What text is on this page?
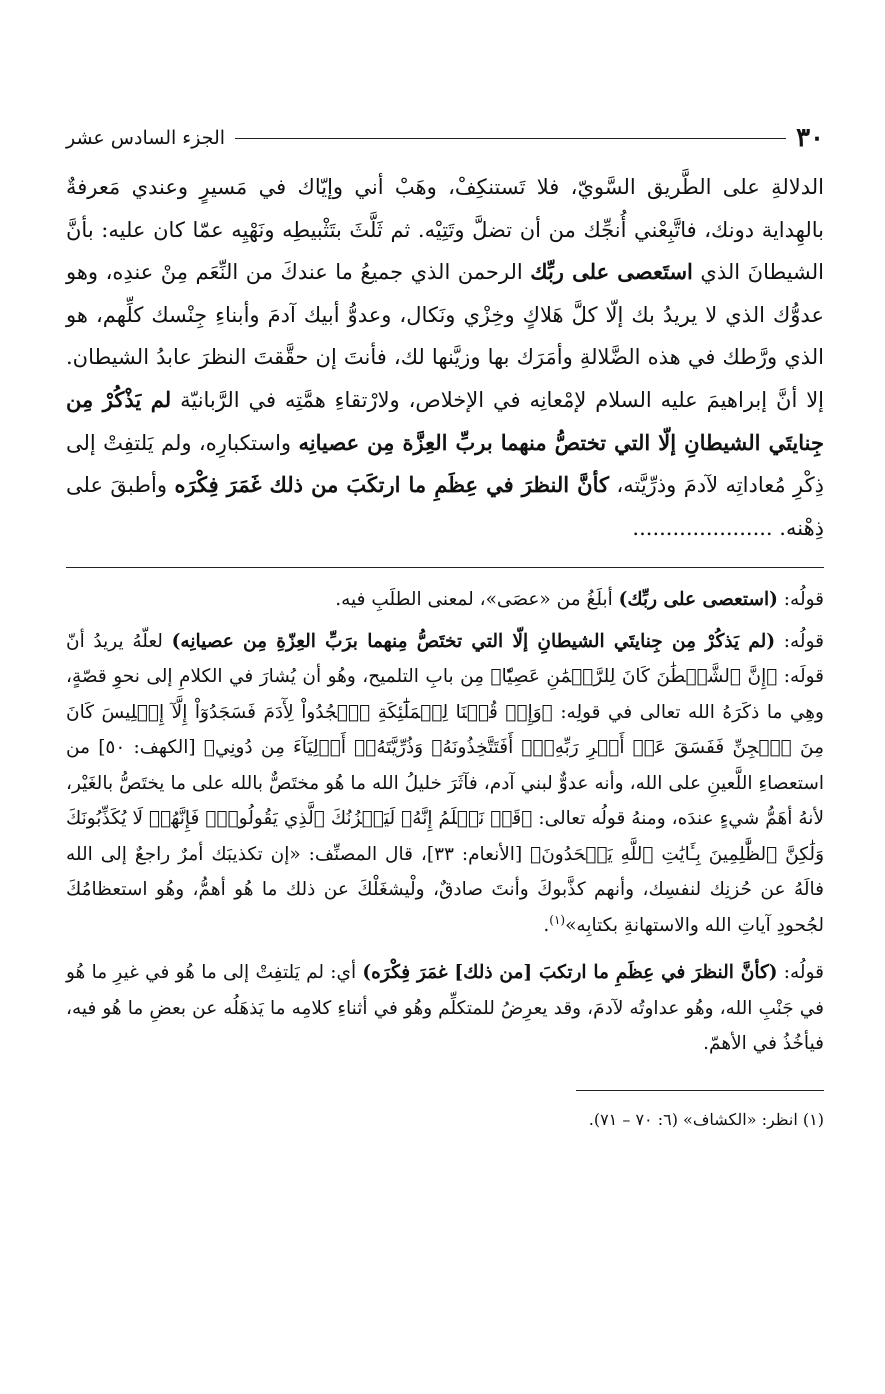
٣٠
الجزء السادس عشر

الدلالةِ على الطَّريق السَّويّ، فلا تَستنكِفْ، وهَبْ أني وإيّاك في مَسيرٍ وعندي مَعرفةٌ بالهِداية دونك، فاتَّبِعْني أُنجِّك من أن تضلَّ وتَتِيْه. ثم ثَلَّثَ بتَثْبيطِه ونَهْيِه عمّا كان عليه: بأنَّ الشيطانَ الذي استَعصى على ربِّك الرحمن الذي جميعُ ما عندكَ من النِّعَم مِنْ عندِه، وهو عدوُّك الذي لا يريدُ بك إلّا كلَّ هَلاكٍ وخِزْي ونَكال، وعدوُّ أبيك آدمَ وأبناءِ جِنْسك كلِّهم، هو الذي ورَّطك في هذه الضَّلالةِ وأمَرَك بها وزيَّنها لك، فأنتَ إن حقَّقتَ النظرَ عابدُ الشيطان. إلا أنَّ إبراهيمَ عليه السلام لإمْعانِه في الإخلاص، ولارْتقاءِ همَّتِه في الرَّبانيّة لم يَذْكُرْ مِن جِنايتَي الشيطانِ إلّا التي تختصُّ منهما بربِّ العِزَّة مِن عصيانِه واستكبارِه، ولم يَلتفِتْ إلى ذِكْرِ مُعاداتِه لآدمَ وذرِّيَّته، كأنَّ النظرَ في عِظَمِ ما ارتكَبَ من ذلك غَمَرَ فِكْرَه وأطبقَ على ذِهْنه. .....................

قولُه: (استعصى على ربِّك) أبلَغُ من «عصَى»، لمعنى الطلَبِ فيه.

قولُه: (لم يَذكُرْ مِن جِنايتَي الشيطانِ إلّا التي تختَصُّ مِنهما برَبِّ العِزّةِ مِن عصيانِه) لعلّهُ يريدُ أنّ قولَه: ﴿إِنَّ ٱلشَّيۡطَٰنَ كَانَ لِلرَّحۡمَٰنِ عَصِيّٗا﴾ مِن بابِ التلميح، وهُو أن يُشارَ في الكلامِ إلى نحوِ قصّةٍ، وهِي ما ذكَرَهُ الله تعالى في قولِه: ﴿وَإِذۡ قُلۡنَا لِلۡمَلَٰٓئِكَةِ ٱسۡجُدُواْ لِأٓدَمَ فَسَجَدُوٓاْ إِلَّآ إِبۡلِيسَ كَانَ مِنَ ٱلۡجِنِّ فَفَسَقَ عَنۡ أَمۡرِ رَبِّهِۦٓۗ أَفَتَتَّخِذُونَهُۥ وَذُرِّيَّتَهُۥٓ أَوۡلِيَآءَ مِن دُونِي﴾ [الكهف: ٥٠] من استعصاءِ اللَّعينِ على الله، وأنه عدوٌّ لبني آدم، فآثَرَ خليلُ الله ما هُو مختَصٌّ بالله على ما يختَصُّ بالغَيْر، لأنهُ أهَمُّ شيءٍ عندَه، ومنهُ قولُه تعالى: ﴿قَدۡ نَعۡلَمُ إِنَّهُۥ لَيَحۡزُنُكَ ٱلَّذِي يَقُولُونَۖ فَإِنَّهُمۡ لَا يُكَذِّبُونَكَ وَلَٰكِنَّ ٱلظَّٰلِمِينَ بِـَٔايَٰتِ ٱللَّهِ يَجۡحَدُونَ﴾ [الأنعام: ٣٣]، قال المصنِّف: «إن تكذيبَك أمرٌ راجعٌ إلى الله فالَهُ عن حُزنِك لنفسِك، وأنهم كذَّبوكَ وأنتَ صادقٌ، ولْيشغَلْكَ عن ذلك ما هُو أهمُّ، وهُو استعظامُكَ لجُحودِ آياتِ الله والاستهانةِ بكتابِه»$^{(١)}$.

قولُه: (كأنَّ النظرَ في عِظَمِ ما ارتكبَ [من ذلك] غمَرَ فِكْرَه) أي: لم يَلتفِتْ إلى ما هُو في غيرِ ما هُو في جَنْبِ الله، وهُو عداوتُه لآدمَ، وقد يعرِضُ للمتكلِّم وهُو في أثناءِ كلامِه ما يَذهَلُه عن بعضِ ما هُو فيه، فيأخُذُ في الأهمّ.

(١) انظر: «الكشاف» (٦: ٧٠ – ٧١).
